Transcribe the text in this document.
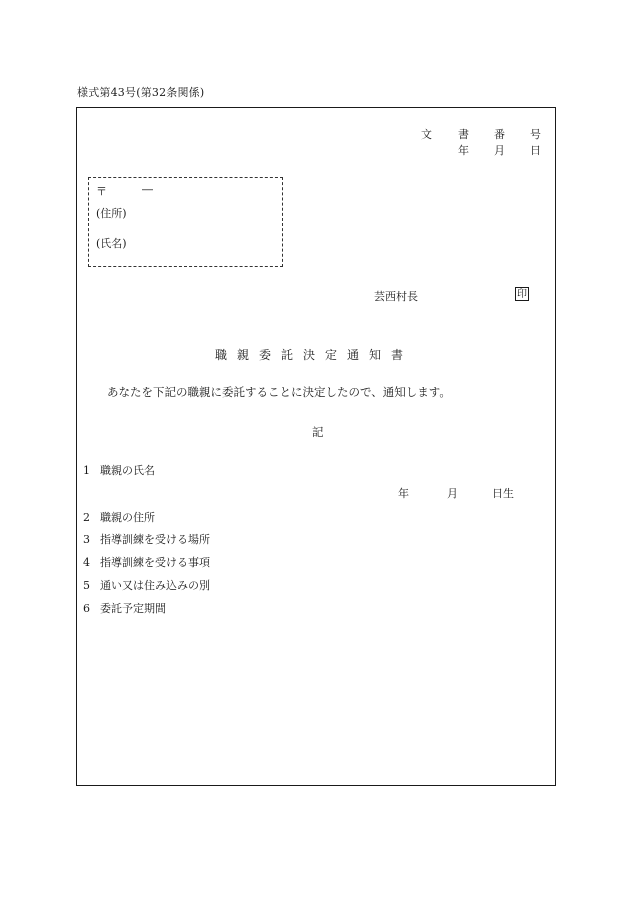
様式第43号(第32条関係)
文 書 番 号
年 月 日
〒	―
(住所)
(氏名)
芸西村長	印
職親委託決定通知書
あなたを下記の職親に委託することに決定したので、通知します。
記
1 職親の氏名
年	月	日生
2 職親の住所
3 指導訓練を受ける場所
4 指導訓練を受ける事項
5 通い又は住み込みの別
6 委託予定期間
